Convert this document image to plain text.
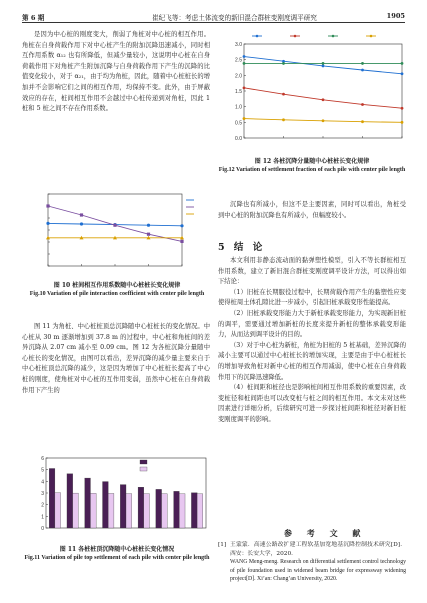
第 6 期	崔纪飞等：考虑土体流变的新旧混合群桩变刚度调平研究	1905

是因为中心桩的刚度变大，削弱了角桩对中心桩的相互作用。角桩在自身荷载作用下对中心桩产生的附加沉降迅速减小，同时相互作用系数 α₁₂ 也有所降低，但减少量较小，这说明中心桩在自身荷载作用下对角桩产生附加沉降与自身荷载作用下产生的沉降的比值变化较小，对于 α₂₁，由于均为角桩，因此，随着中心桩桩长的增加并不会影响它们之间的相互作用，均保持不变。此外，由于屏蔽效应的存在，桩间相互作用不会越过中心桩传递到对角桩，因此 1 桩和 5 桩之间不存在作用系数。

图 10 桩间相互作用系数随中心桩桩长变化规律
Fig.10 Variation of pile interaction coefficient with center pile length

图 11 为角桩、中心桩桩顶总沉降随中心桩桩长的变化情况。中心桩从 30 m 逐渐增加到 37.8 m 的过程中，中心桩和角桩间的差异沉降从 2.07 cm 减小至 0.09 cm。图 12 为各桩沉降分量随中心桩长的变化情况，由图可以看出，差异沉降的减少量主要来自于中心桩桩顶总沉降的减少，这是因为增加了中心桩桩长提高了中心桩的刚度，使角桩对中心桩的互作用变弱，虽然中心桩在自身荷载作用下产生的

0
1
2
3
4
5
6
图 11 各桩桩顶沉降随中心桩桩长变化情况
Fig.11 Variation of pile top settlement of each pile with center pile length
0.0
0.5
1.0
1.5
2.0
2.5
3.0
图 12 各桩沉降分量随中心桩桩长变化规律
Fig.12 Variation of settlement fraction of each pile with center pile length

沉降也有所减小，但这不是主要因素，同时可以看出，角桩受到中心桩的附加沉降也有所减小，但幅度较小。

5 结 论

本文利用非静态流动面的黏弹塑性模型，引入不等长群桩相互作用系数，建立了新旧混合群桩变刚度调平设计方法，可以得出如下结论：

（1）旧桩在长期服役过程中，长期荷载作用产生的黏塑性应变使得桩周土体孔隙比进一步减小，引起旧桩承载变形性能提高。

（2）旧桩承载变形能力大于新桩承载变形能力，为实现新旧桩的调平，需要通过增加新桩的长度来提升新桩的整体承载变形能力，从而达到调平设计的目的。

（3）对于中心桩为新桩，角桩为旧桩的 5 桩基础，差异沉降的减小主要可以通过中心桩桩长的增加实现，主要是由于中心桩桩长的增加导致角桩对新中心桩的相互作用减弱，使中心桩在自身荷载作用下的沉降迅速降低。

（4）桩间距和桩径也是影响桩间相互作用系数的重要因素，改变桩径和桩间距也可以改变桩与桩之间的相互作用。本文未对这些因素进行详细分析，后续研究可进一步探讨桩间距和桩径对新旧桩变刚度调平的影响。

参 考 文 献
[1] 王蒙蒙．高速公路改扩建工程软基加宽地基沉降控制技术研究[D]．西安：长安大学，2020．
WANG Meng-meng. Research on differential settlement control technology of pile foundation used in widened beam bridge for expressway widening project[D]. Xi’an: Chang’an University, 2020.
